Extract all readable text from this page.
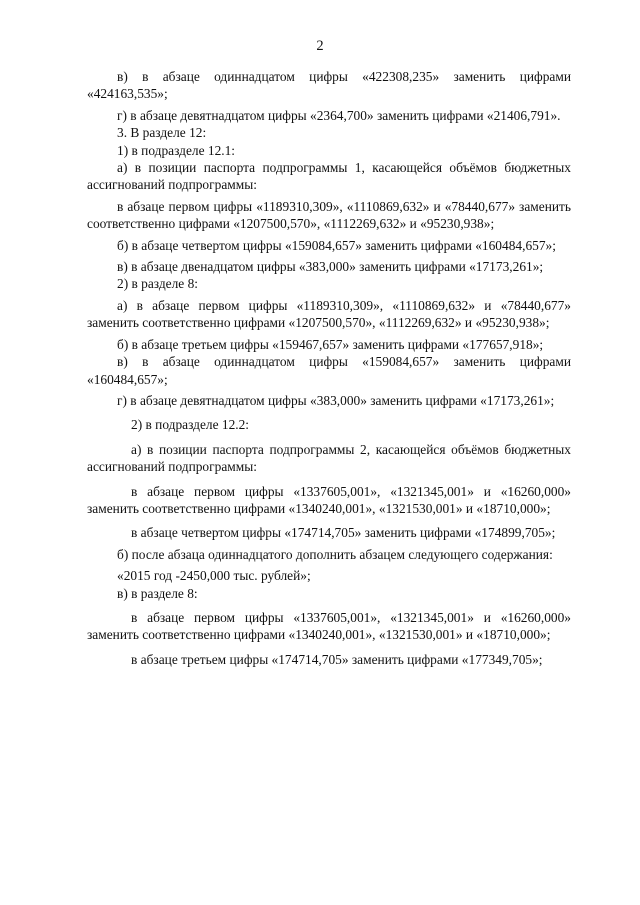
2

в) в абзаце одиннадцатом цифры «422308,235» заменить цифрами «424163,535»;

г) в абзаце девятнадцатом цифры «2364,700» заменить цифрами «21406,791».

3. В разделе 12:

1) в подразделе 12.1:

а) в позиции паспорта подпрограммы 1, касающейся объёмов бюджетных ассигнований подпрограммы:

в абзаце первом цифры «1189310,309», «1110869,632» и «78440,677» заменить соответственно цифрами «1207500,570», «1112269,632» и «95230,938»;

б) в абзаце четвертом цифры «159084,657» заменить цифрами «160484,657»;

в) в абзаце двенадцатом цифры «383,000» заменить цифрами «17173,261»;

2) в разделе 8:

а) в абзаце первом цифры «1189310,309», «1110869,632» и «78440,677» заменить соответственно цифрами «1207500,570», «1112269,632» и «95230,938»;

б) в абзаце третьем цифры «159467,657» заменить цифрами «177657,918»;

в) в абзаце одиннадцатом цифры «159084,657» заменить цифрами «160484,657»;

г) в абзаце девятнадцатом цифры «383,000» заменить цифрами «17173,261»;

2) в подразделе 12.2:

а) в позиции паспорта подпрограммы 2, касающейся объёмов бюджетных ассигнований подпрограммы:

в абзаце первом цифры «1337605,001», «1321345,001» и «16260,000» заменить соответственно цифрами «1340240,001», «1321530,001» и «18710,000»;

в абзаце четвертом цифры «174714,705» заменить цифрами «174899,705»;

б) после абзаца одиннадцатого дополнить абзацем следующего содержания:

«2015 год -2450,000 тыс. рублей»;

в) в разделе 8:

в абзаце первом цифры «1337605,001», «1321345,001» и «16260,000» заменить соответственно цифрами «1340240,001», «1321530,001» и «18710,000»;

в абзаце третьем цифры «174714,705» заменить цифрами «177349,705»;
